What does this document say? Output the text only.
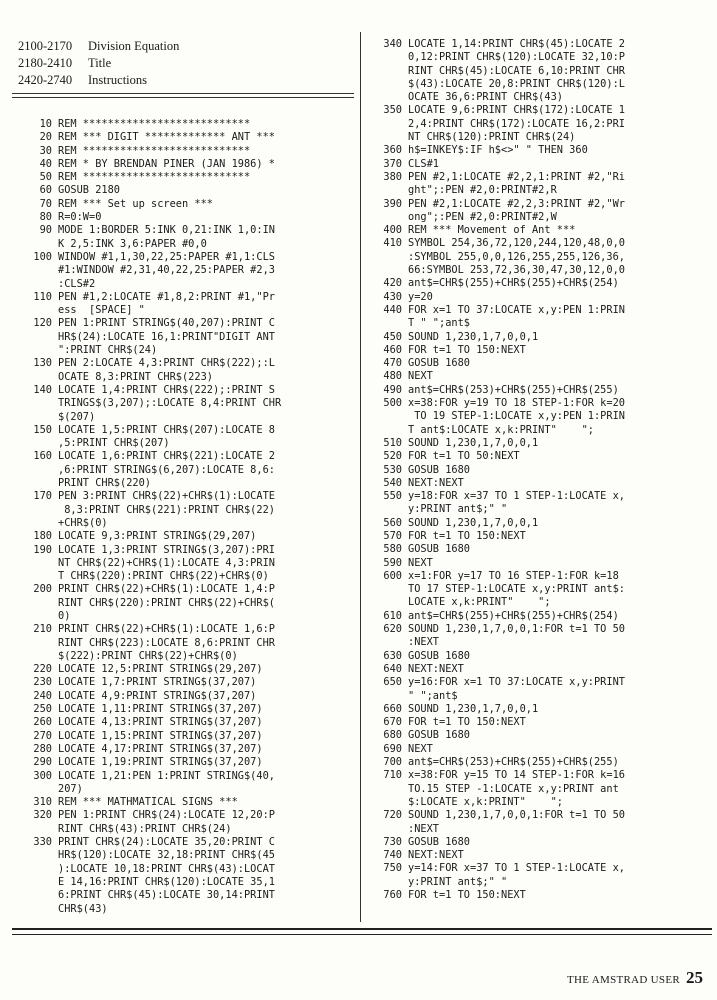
2100-2170	Division Equation
2180-2410	Title
2420-2740	Instructions
10 REM ***************************
20 REM *** DIGIT ************* ANT ***
30 REM ***************************
40 REM * BY BRENDAN PINER (JAN 1986) *
50 REM ***************************
60 GOSUB 2180
70 REM *** Set up screen ***
80 R=0:W=0
90 MODE 1:BORDER 5:INK 0,21:INK 1,0:IN
K 2,5:INK 3,6:PAPER #0,0
100 WINDOW #1,1,30,22,25:PAPER #1,1:CLS
#1:WINDOW #2,31,40,22,25:PAPER #2,3
:CLS#2
110 PEN #1,2:LOCATE #1,8,2:PRINT #1,"Pr
ess  [SPACE] "
120 PEN 1:PRINT STRING$(40,207):PRINT C
HR$(24):LOCATE 16,1:PRINT"DIGIT ANT
":PRINT CHR$(24)
130 PEN 2:LOCATE 4,3:PRINT CHR$(222);:L
OCATE 8,3:PRINT CHR$(223)
140 LOCATE 1,4:PRINT CHR$(222);:PRINT S
TRINGS$(3,207);:LOCATE 8,4:PRINT CHR
$(207)
150 LOCATE 1,5:PRINT CHR$(207):LOCATE 8
,5:PRINT CHR$(207)
160 LOCATE 1,6:PRINT CHR$(221):LOCATE 2
,6:PRINT STRING$(6,207):LOCATE 8,6:
PRINT CHR$(220)
170 PEN 3:PRINT CHR$(22)+CHR$(1):LOCATE
8,3:PRINT CHR$(221):PRINT CHR$(22)
+CHR$(0)
180 LOCATE 9,3:PRINT STRING$(29,207)
190 LOCATE 1,3:PRINT STRING$(3,207):PRI
NT CHR$(22)+CHR$(1):LOCATE 4,3:PRIN
T CHR$(220):PRINT CHR$(22)+CHR$(0)
200 PRINT CHR$(22)+CHR$(1):LOCATE 1,4:P
RINT CHR$(220):PRINT CHR$(22)+CHR$(
0)
210 PRINT CHR$(22)+CHR$(1):LOCATE 1,6:P
RINT CHR$(223):LOCATE 8,6:PRINT CHR
$(222):PRINT CHR$(22)+CHR$(0)
220 LOCATE 12,5:PRINT STRING$(29,207)
230 LOCATE 1,7:PRINT STRING$(37,207)
240 LOCATE 4,9:PRINT STRING$(37,207)
250 LOCATE 1,11:PRINT STRING$(37,207)
260 LOCATE 4,13:PRINT STRING$(37,207)
270 LOCATE 1,15:PRINT STRING$(37,207)
280 LOCATE 4,17:PRINT STRING$(37,207)
290 LOCATE 1,19:PRINT STRING$(37,207)
300 LOCATE 1,21:PEN 1:PRINT STRING$(40,
207)
310 REM *** MATHMATICAL SIGNS ***
320 PEN 1:PRINT CHR$(24):LOCATE 12,20:P
RINT CHR$(43):PRINT CHR$(24)
330 PRINT CHR$(24):LOCATE 35,20:PRINT C
HR$(120):LOCATE 32,18:PRINT CHR$(45
):LOCATE 10,18:PRINT CHR$(43):LOCAT
E 14,16:PRINT CHR$(120):LOCATE 35,1
6:PRINT CHR$(45):LOCATE 30,14:PRINT
CHR$(43)
340 LOCATE 1,14:PRINT CHR$(45):LOCATE 2
0,12:PRINT CHR$(120):LOCATE 32,10:P
RINT CHR$(45):LOCATE 6,10:PRINT CHR
$(43):LOCATE 20,8:PRINT CHR$(120):L
OCATE 36,6:PRINT CHR$(43)
350 LOCATE 9,6:PRINT CHR$(172):LOCATE 1
2,4:PRINT CHR$(172):LOCATE 16,2:PRI
NT CHR$(120):PRINT CHR$(24)
360 h$=INKEY$:IF h$<>" " THEN 360
370 CLS#1
380 PEN #2,1:LOCATE #2,2,1:PRINT #2,"Ri
ght";:PEN #2,0:PRINT#2,R
390 PEN #2,1:LOCATE #2,2,3:PRINT #2,"Wr
ong";:PEN #2,0:PRINT#2,W
400 REM *** Movement of Ant ***
410 SYMBOL 254,36,72,120,244,120,48,0,0
:SYMBOL 255,0,0,126,255,255,126,36,
66:SYMBOL 253,72,36,30,47,30,12,0,0
420 ant$=CHR$(255)+CHR$(255)+CHR$(254)
430 y=20
440 FOR x=1 TO 37:LOCATE x,y:PEN 1:PRIN
T " ";ant$
450 SOUND 1,230,1,7,0,0,1
460 FOR t=1 TO 150:NEXT
470 GOSUB 1680
480 NEXT
490 ant$=CHR$(253)+CHR$(255)+CHR$(255)
500 x=38:FOR y=19 TO 18 STEP-1:FOR k=20
TO 19 STEP-1:LOCATE x,y:PEN 1:PRIN
T ant$:LOCATE x,k:PRINT"    ";
510 SOUND 1,230,1,7,0,0,1
520 FOR t=1 TO 50:NEXT
530 GOSUB 1680
540 NEXT:NEXT
550 y=18:FOR x=37 TO 1 STEP-1:LOCATE x,
y:PRINT ant$;" "
560 SOUND 1,230,1,7,0,0,1
570 FOR t=1 TO 150:NEXT
580 GOSUB 1680
590 NEXT
600 x=1:FOR y=17 TO 16 STEP-1:FOR k=18
TO 17 STEP-1:LOCATE x,y:PRINT ant$:
LOCATE x,k:PRINT"    ";
610 ant$=CHR$(255)+CHR$(255)+CHR$(254)
620 SOUND 1,230,1,7,0,0,1:FOR t=1 TO 50
:NEXT
630 GOSUB 1680
640 NEXT:NEXT
650 y=16:FOR x=1 TO 37:LOCATE x,y:PRINT
" ";ant$
660 SOUND 1,230,1,7,0,0,1
670 FOR t=1 TO 150:NEXT
680 GOSUB 1680
690 NEXT
700 ant$=CHR$(253)+CHR$(255)+CHR$(255)
710 x=38:FOR y=15 TO 14 STEP-1:FOR k=16
TO.15 STEP -1:LOCATE x,y:PRINT ant
$:LOCATE x,k:PRINT"    ";
720 SOUND 1,230,1,7,0,0,1:FOR t=1 TO 50
:NEXT
730 GOSUB 1680
740 NEXT:NEXT
750 y=14:FOR x=37 TO 1 STEP-1:LOCATE x,
y:PRINT ant$;" "
760 FOR t=1 TO 150:NEXT
THE AMSTRAD USER 25
